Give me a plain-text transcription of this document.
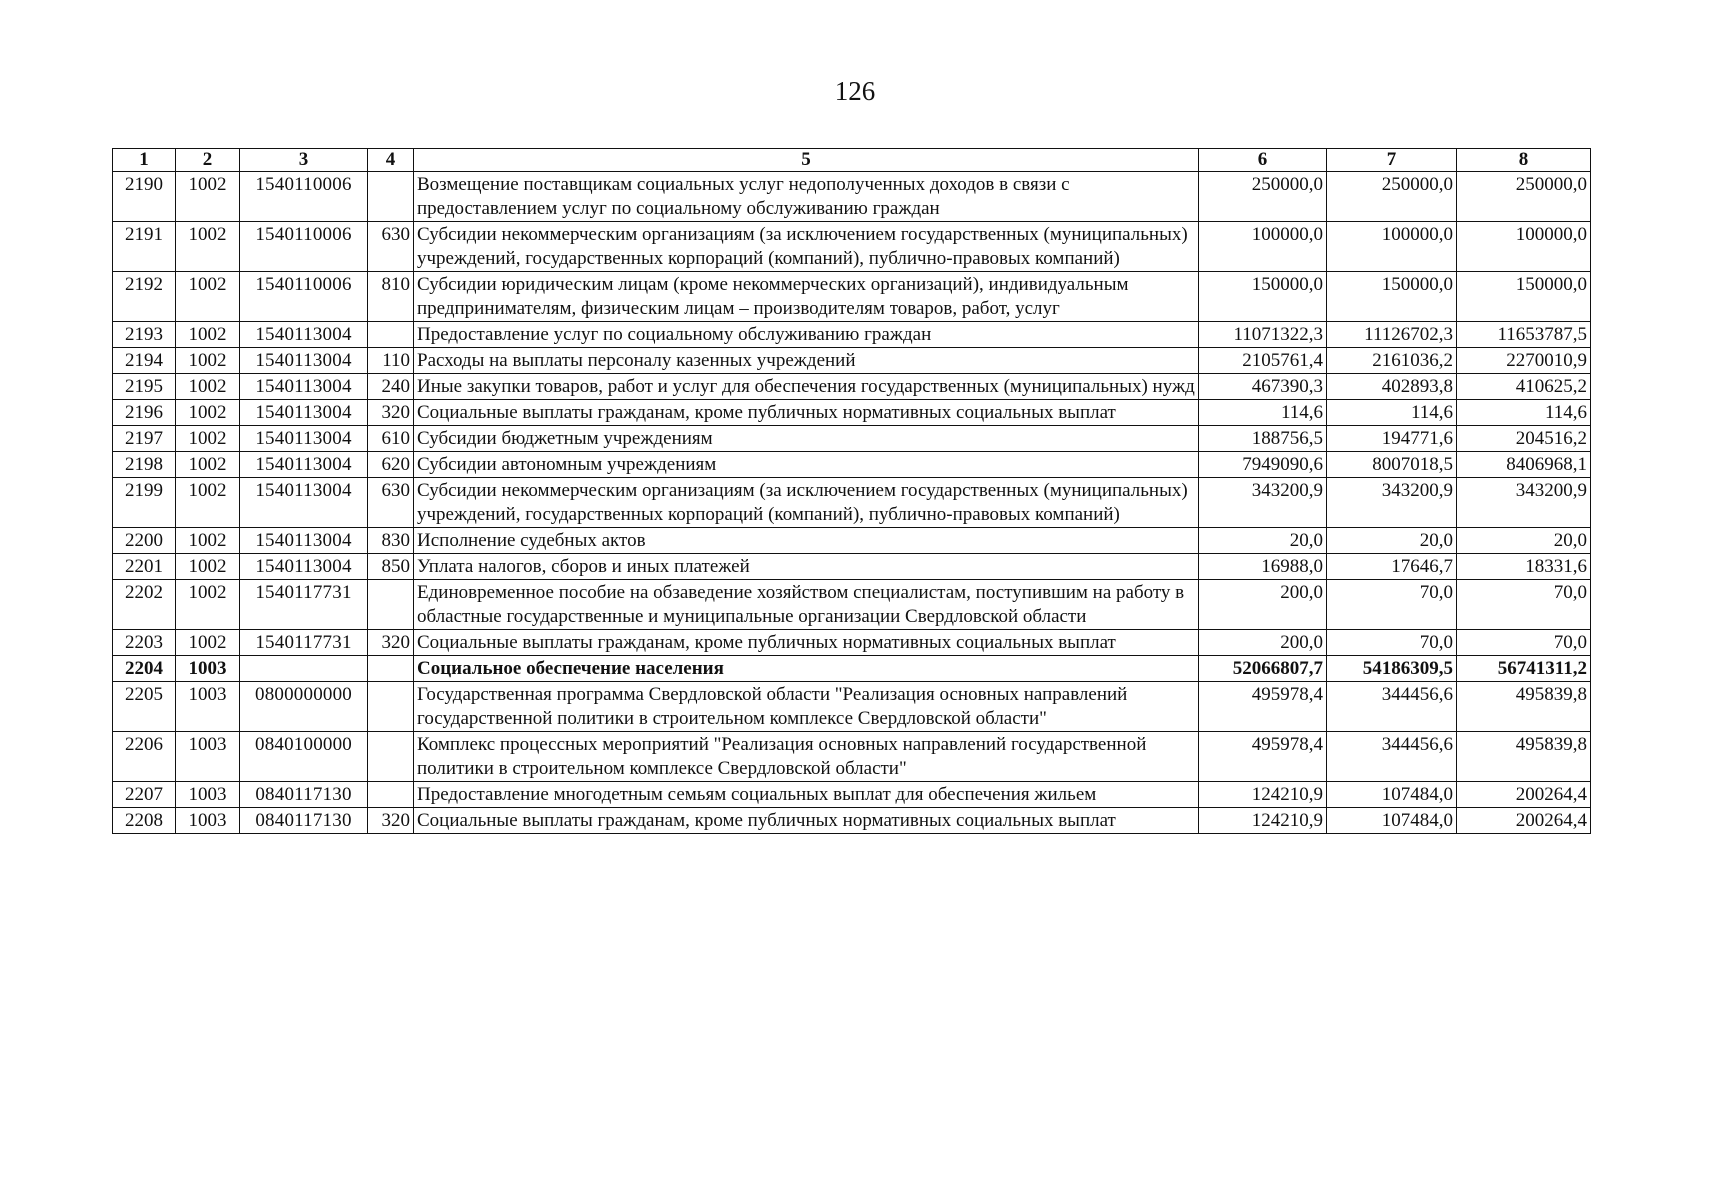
126
1	2	3	4	5	6	7	8
2190	1002	1540110006		Возмещение поставщикам социальных услуг недополученных доходов в связи с предоставлением услуг по социальному обслуживанию граждан	250000,0	250000,0	250000,0
2191	1002	1540110006	630	Субсидии некоммерческим организациям (за исключением государственных (муниципальных) учреждений, государственных корпораций (компаний), публично-правовых компаний)	100000,0	100000,0	100000,0
2192	1002	1540110006	810	Субсидии юридическим лицам (кроме некоммерческих организаций), индивидуальным предпринимателям, физическим лицам – производителям товаров, работ, услуг	150000,0	150000,0	150000,0
2193	1002	1540113004		Предоставление услуг по социальному обслуживанию граждан	11071322,3	11126702,3	11653787,5
2194	1002	1540113004	110	Расходы на выплаты персоналу казенных учреждений	2105761,4	2161036,2	2270010,9
2195	1002	1540113004	240	Иные закупки товаров, работ и услуг для обеспечения государственных (муниципальных) нужд	467390,3	402893,8	410625,2
2196	1002	1540113004	320	Социальные выплаты гражданам, кроме публичных нормативных социальных выплат	114,6	114,6	114,6
2197	1002	1540113004	610	Субсидии бюджетным учреждениям	188756,5	194771,6	204516,2
2198	1002	1540113004	620	Субсидии автономным учреждениям	7949090,6	8007018,5	8406968,1
2199	1002	1540113004	630	Субсидии некоммерческим организациям (за исключением государственных (муниципальных) учреждений, государственных корпораций (компаний), публично-правовых компаний)	343200,9	343200,9	343200,9
2200	1002	1540113004	830	Исполнение судебных актов	20,0	20,0	20,0
2201	1002	1540113004	850	Уплата налогов, сборов и иных платежей	16988,0	17646,7	18331,6
2202	1002	1540117731		Единовременное пособие на обзаведение хозяйством специалистам, поступившим на работу в областные государственные и муниципальные организации Свердловской области	200,0	70,0	70,0
2203	1002	1540117731	320	Социальные выплаты гражданам, кроме публичных нормативных социальных выплат	200,0	70,0	70,0
2204	1003			Социальное обеспечение населения	52066807,7	54186309,5	56741311,2
2205	1003	0800000000		Государственная программа Свердловской области "Реализация основных направлений государственной политики в строительном комплексе Свердловской области"	495978,4	344456,6	495839,8
2206	1003	0840100000		Комплекс процессных мероприятий "Реализация основных направлений государственной политики в строительном комплексе Свердловской области"	495978,4	344456,6	495839,8
2207	1003	0840117130		Предоставление многодетным семьям социальных выплат для обеспечения жильем	124210,9	107484,0	200264,4
2208	1003	0840117130	320	Социальные выплаты гражданам, кроме публичных нормативных социальных выплат	124210,9	107484,0	200264,4
